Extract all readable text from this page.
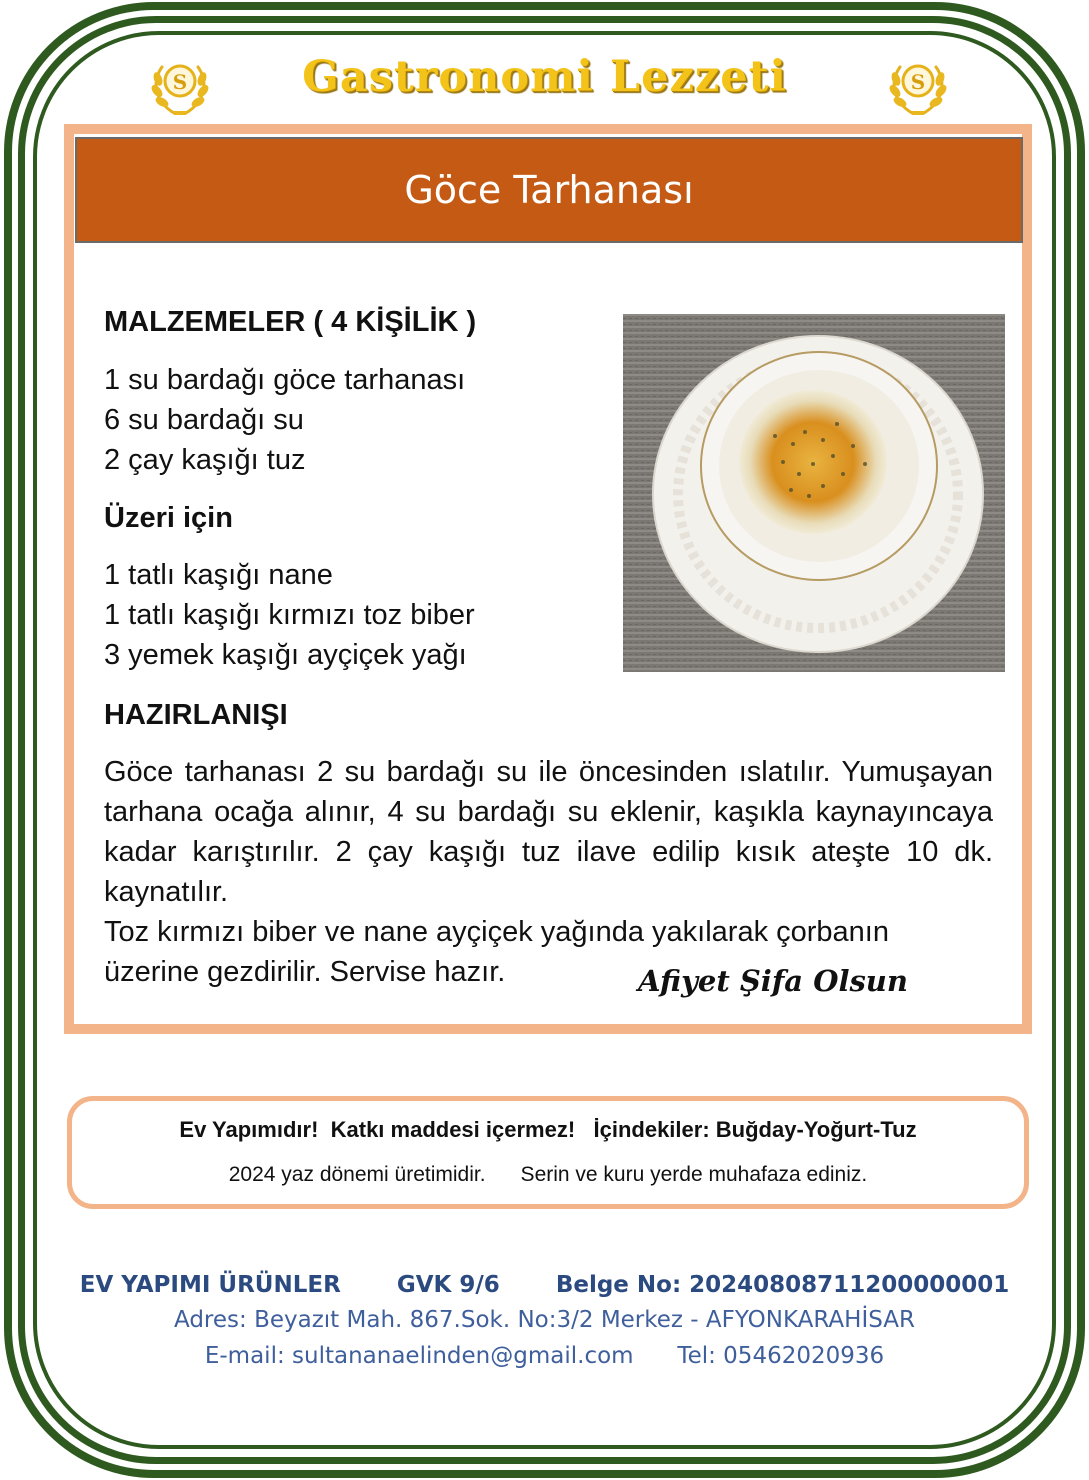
S	S
Gastronomi Lezzeti
Göce Tarhanası
MALZEMELER ( 4 KİŞİLİK )
1 su bardağı göce tarhanası
6 su bardağı su
2 çay kaşığı tuz
Üzeri için
1 tatlı kaşığı nane
1 tatlı kaşığı kırmızı toz biber
3 yemek kaşığı ayçiçek yağı
HAZIRLANIŞI

Göce tarhanası 2 su bardağı su ile öncesinden ıslatılır. Yumuşayan tarhana ocağa alınır, 4 su bardağı su eklenir, kaşıkla kaynayıncaya kadar karıştırılır. 2 çay kaşığı tuz ilave edilip kısık ateşte 10 dk. kaynatılır.

Toz kırmızı biber ve nane ayçiçek yağında yakılarak çorbanın

üzerine gezdirilir. Servise hazır.	Afiyet Şifa Olsun
Ev Yapımıdır!  Katkı maddesi içermez!   İçindekiler: Buğday-Yoğurt-Tuz
2024 yaz dönemi üretimidir.      Serin ve kuru yerde muhafaza ediniz.
EV YAPIMI ÜRÜNLER       GVK 9/6       Belge No: 20240808711200000001
Adres: Beyazıt Mah. 867.Sok. No:3/2 Merkez - AFYONKARAHİSAR
E-mail: sultananaelinden@gmail.com      Tel: 05462020936
